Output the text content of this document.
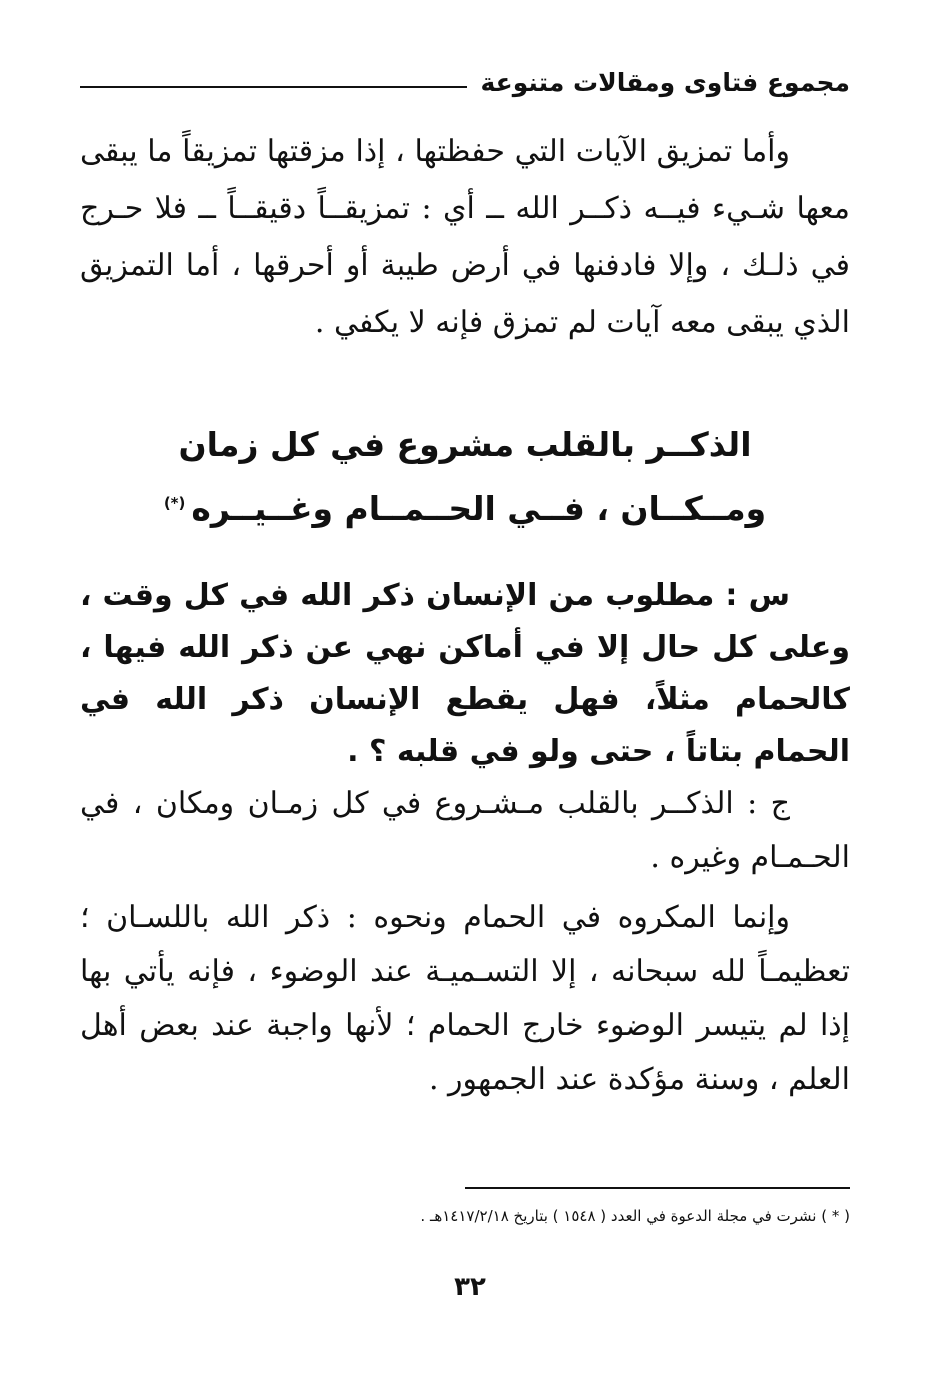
مجموع فتاوى ومقالات متنوعة

وأما تمزيق الآيات التي حفظتها ، إذا مزقتها تمزيقاً ما يبقى معها شـيء فيــه ذكــر الله ــ أي : تمزيقــاً دقيقــاً ــ فلا حـرج في ذلـك ، وإلا فادفنها في أرض طيبة أو أحرقها ، أما التمزيق الذي يبقى معه آيات لم تمزق فإنه لا يكفي .

الذكــر بالقلب مشروع في كل زمان
ومــكــان ، فــي الحــمــام وغــيــره(*)

س : مطلوب من الإنسان ذكر الله في كل وقت ، وعلى كل حال إلا في أماكن نهي عن ذكر الله فيها ، كالحمام مثلاً، فهل يقطع الإنسان ذكر الله في الحمام بتاتاً ، حتى ولو في قلبه ؟ .

ج : الذكــر بالقلب مـشـروع في كل زمـان ومكان ، في الحـمـام وغيره .

وإنما المكروه في الحمام ونحوه : ذكر الله باللسـان ؛ تعظيمـاً لله سبحانه ، إلا التسـميـة عند الوضوء ، فإنه يأتي بها إذا لم يتيسر الوضوء خارج الحمام ؛ لأنها واجبة عند بعض أهل العلم ، وسنة مؤكدة عند الجمهور .

( * ) نشرت في مجلة الدعوة في العدد ( ١٥٤٨ ) بتاريخ ١٤١٧/٢/١٨هـ .
٣٢
